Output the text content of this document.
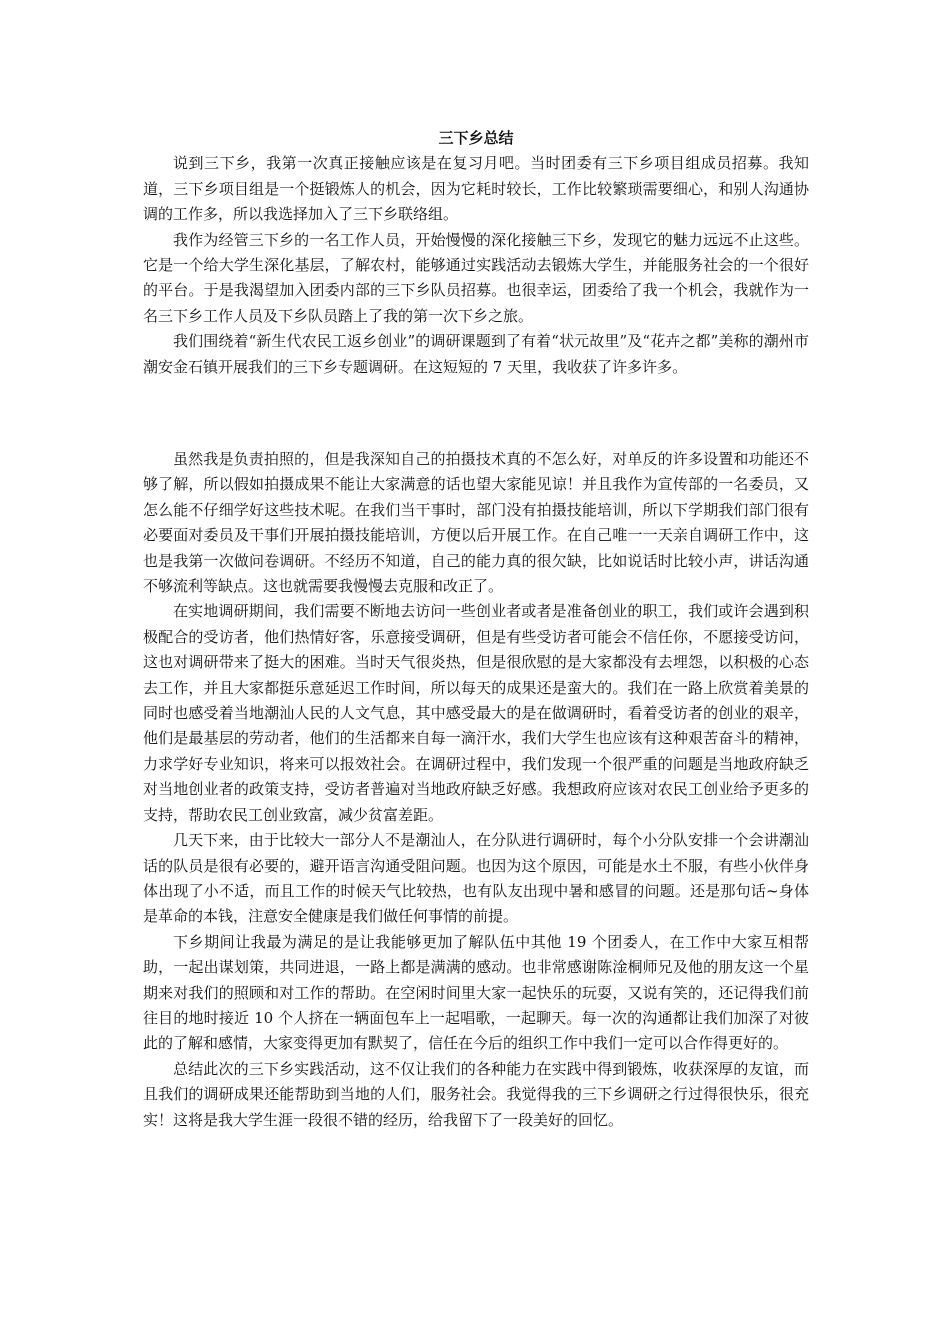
三下乡总结

说到三下乡，我第一次真正接触应该是在复习月吧。当时团委有三下乡项目组成员招募。我知道，三下乡项目组是一个挺锻炼人的机会，因为它耗时较长，工作比较繁琐需要细心，和别人沟通协调的工作多，所以我选择加入了三下乡联络组。

我作为经管三下乡的一名工作人员，开始慢慢的深化接触三下乡，发现它的魅力远远不止这些。它是一个给大学生深化基层，了解农村，能够通过实践活动去锻炼大学生，并能服务社会的一个很好的平台。于是我渴望加入团委内部的三下乡队员招募。也很幸运，团委给了我一个机会，我就作为一名三下乡工作人员及下乡队员踏上了我的第一次下乡之旅。

我们围绕着“新生代农民工返乡创业”的调研课题到了有着“状元故里”及“花卉之都”美称的潮州市潮安金石镇开展我们的三下乡专题调研。在这短短的 7 天里，我收获了许多许多。

虽然我是负责拍照的，但是我深知自己的拍摄技术真的不怎么好，对单反的许多设置和功能还不够了解，所以假如拍摄成果不能让大家满意的话也望大家能见谅！并且我作为宣传部的一名委员，又怎么能不仔细学好这些技术呢。在我们当干事时，部门没有拍摄技能培训，所以下学期我们部门很有必要面对委员及干事们开展拍摄技能培训，方便以后开展工作。在自己唯一一天亲自调研工作中，这也是我第一次做问卷调研。不经历不知道，自己的能力真的很欠缺，比如说话时比较小声，讲话沟通不够流利等缺点。这也就需要我慢慢去克服和改正了。

在实地调研期间，我们需要不断地去访问一些创业者或者是准备创业的职工，我们或许会遇到积极配合的受访者，他们热情好客，乐意接受调研，但是有些受访者可能会不信任你，不愿接受访问，这也对调研带来了挺大的困难。当时天气很炎热，但是很欣慰的是大家都没有去埋怨，以积极的心态去工作，并且大家都挺乐意延迟工作时间，所以每天的成果还是蛮大的。我们在一路上欣赏着美景的同时也感受着当地潮汕人民的人文气息，其中感受最大的是在做调研时，看着受访者的创业的艰辛，他们是最基层的劳动者，他们的生活都来自每一滴汗水，我们大学生也应该有这种艰苦奋斗的精神，力求学好专业知识，将来可以报效社会。在调研过程中，我们发现一个很严重的问题是当地政府缺乏对当地创业者的政策支持，受访者普遍对当地政府缺乏好感。我想政府应该对农民工创业给予更多的支持，帮助农民工创业致富，减少贫富差距。

几天下来，由于比较大一部分人不是潮汕人，在分队进行调研时，每个小分队安排一个会讲潮汕话的队员是很有必要的，避开语言沟通受阻问题。也因为这个原因，可能是水土不服，有些小伙伴身体出现了小不适，而且工作的时候天气比较热，也有队友出现中暑和感冒的问题。还是那句话~身体是革命的本钱，注意安全健康是我们做任何事情的前提。

下乡期间让我最为满足的是让我能够更加了解队伍中其他 19 个团委人，在工作中大家互相帮助，一起出谋划策，共同进退，一路上都是满满的感动。也非常感谢陈淦桐师兄及他的朋友这一个星期来对我们的照顾和对工作的帮助。在空闲时间里大家一起快乐的玩耍，又说有笑的，还记得我们前往目的地时接近 10 个人挤在一辆面包车上一起唱歌，一起聊天。每一次的沟通都让我们加深了对彼此的了解和感情，大家变得更加有默契了，信任在今后的组织工作中我们一定可以合作得更好的。

总结此次的三下乡实践活动，这不仅让我们的各种能力在实践中得到锻炼，收获深厚的友谊，而且我们的调研成果还能帮助到当地的人们，服务社会。我觉得我的三下乡调研之行过得很快乐，很充实！这将是我大学生涯一段很不错的经历，给我留下了一段美好的回忆。
